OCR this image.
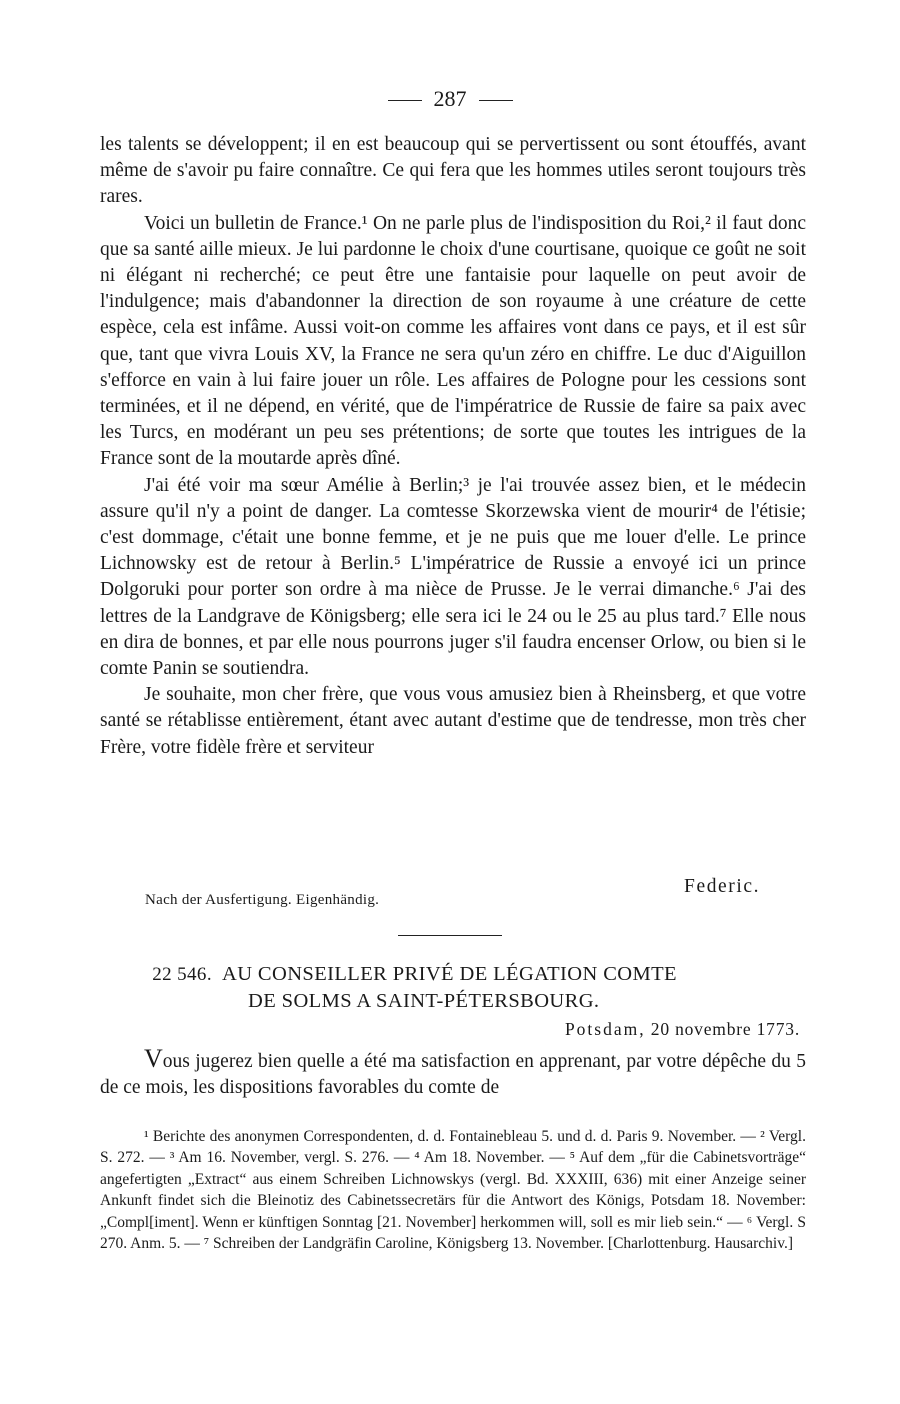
287

les talents se développent; il en est beaucoup qui se pervertissent ou sont étouffés, avant même de s'avoir pu faire connaître. Ce qui fera que les hommes utiles seront toujours très rares.

Voici un bulletin de France.¹ On ne parle plus de l'indisposition du Roi,² il faut donc que sa santé aille mieux. Je lui pardonne le choix d'une courtisane, quoique ce goût ne soit ni élégant ni recherché; ce peut être une fantaisie pour laquelle on peut avoir de l'indulgence; mais d'abandonner la direction de son royaume à une créature de cette espèce, cela est infâme. Aussi voit-on comme les affaires vont dans ce pays, et il est sûr que, tant que vivra Louis XV, la France ne sera qu'un zéro en chiffre. Le duc d'Aiguillon s'efforce en vain à lui faire jouer un rôle. Les affaires de Pologne pour les cessions sont terminées, et il ne dépend, en vérité, que de l'impératrice de Russie de faire sa paix avec les Turcs, en modérant un peu ses prétentions; de sorte que toutes les intrigues de la France sont de la moutarde après dîné.

J'ai été voir ma sœur Amélie à Berlin;³ je l'ai trouvée assez bien, et le médecin assure qu'il n'y a point de danger. La comtesse Skorzewska vient de mourir⁴ de l'étisie; c'est dommage, c'était une bonne femme, et je ne puis que me louer d'elle. Le prince Lichnowsky est de retour à Berlin.⁵ L'impératrice de Russie a envoyé ici un prince Dolgoruki pour porter son ordre à ma nièce de Prusse. Je le verrai dimanche.⁶ J'ai des lettres de la Landgrave de Königsberg; elle sera ici le 24 ou le 25 au plus tard.⁷ Elle nous en dira de bonnes, et par elle nous pourrons juger s'il faudra encenser Orlow, ou bien si le comte Panin se soutiendra.

Je souhaite, mon cher frère, que vous vous amusiez bien à Rheinsberg, et que votre santé se rétablisse entièrement, étant avec autant d'estime que de tendresse, mon très cher Frère, votre fidèle frère et serviteur

Federic.
Nach der Ausfertigung. Eigenhändig.
22 546. AU CONSEILLER PRIVÉ DE LÉGATION COMTE
DE SOLMS A SAINT-PÉTERSBOURG.
Potsdam, 20 novembre 1773.

Vous jugerez bien quelle a été ma satisfaction en apprenant, par votre dépêche du 5 de ce mois, les dispositions favorables du comte de

¹ Berichte des anonymen Correspondenten, d. d. Fontainebleau 5. und d. d. Paris 9. November. — ² Vergl. S. 272. — ³ Am 16. November, vergl. S. 276. — ⁴ Am 18. November. — ⁵ Auf dem „für die Cabinetsvorträge“ angefertigten „Extract“ aus einem Schreiben Lichnowskys (vergl. Bd. XXXIII, 636) mit einer Anzeige seiner Ankunft findet sich die Bleinotiz des Cabinetssecretärs für die Antwort des Königs, Potsdam 18. November: „Compl[iment]. Wenn er künftigen Sonntag [21. November] herkommen will, soll es mir lieb sein.“ — ⁶ Vergl. S 270. Anm. 5. — ⁷ Schreiben der Landgräfin Caroline, Königsberg 13. November. [Charlottenburg. Hausarchiv.]
